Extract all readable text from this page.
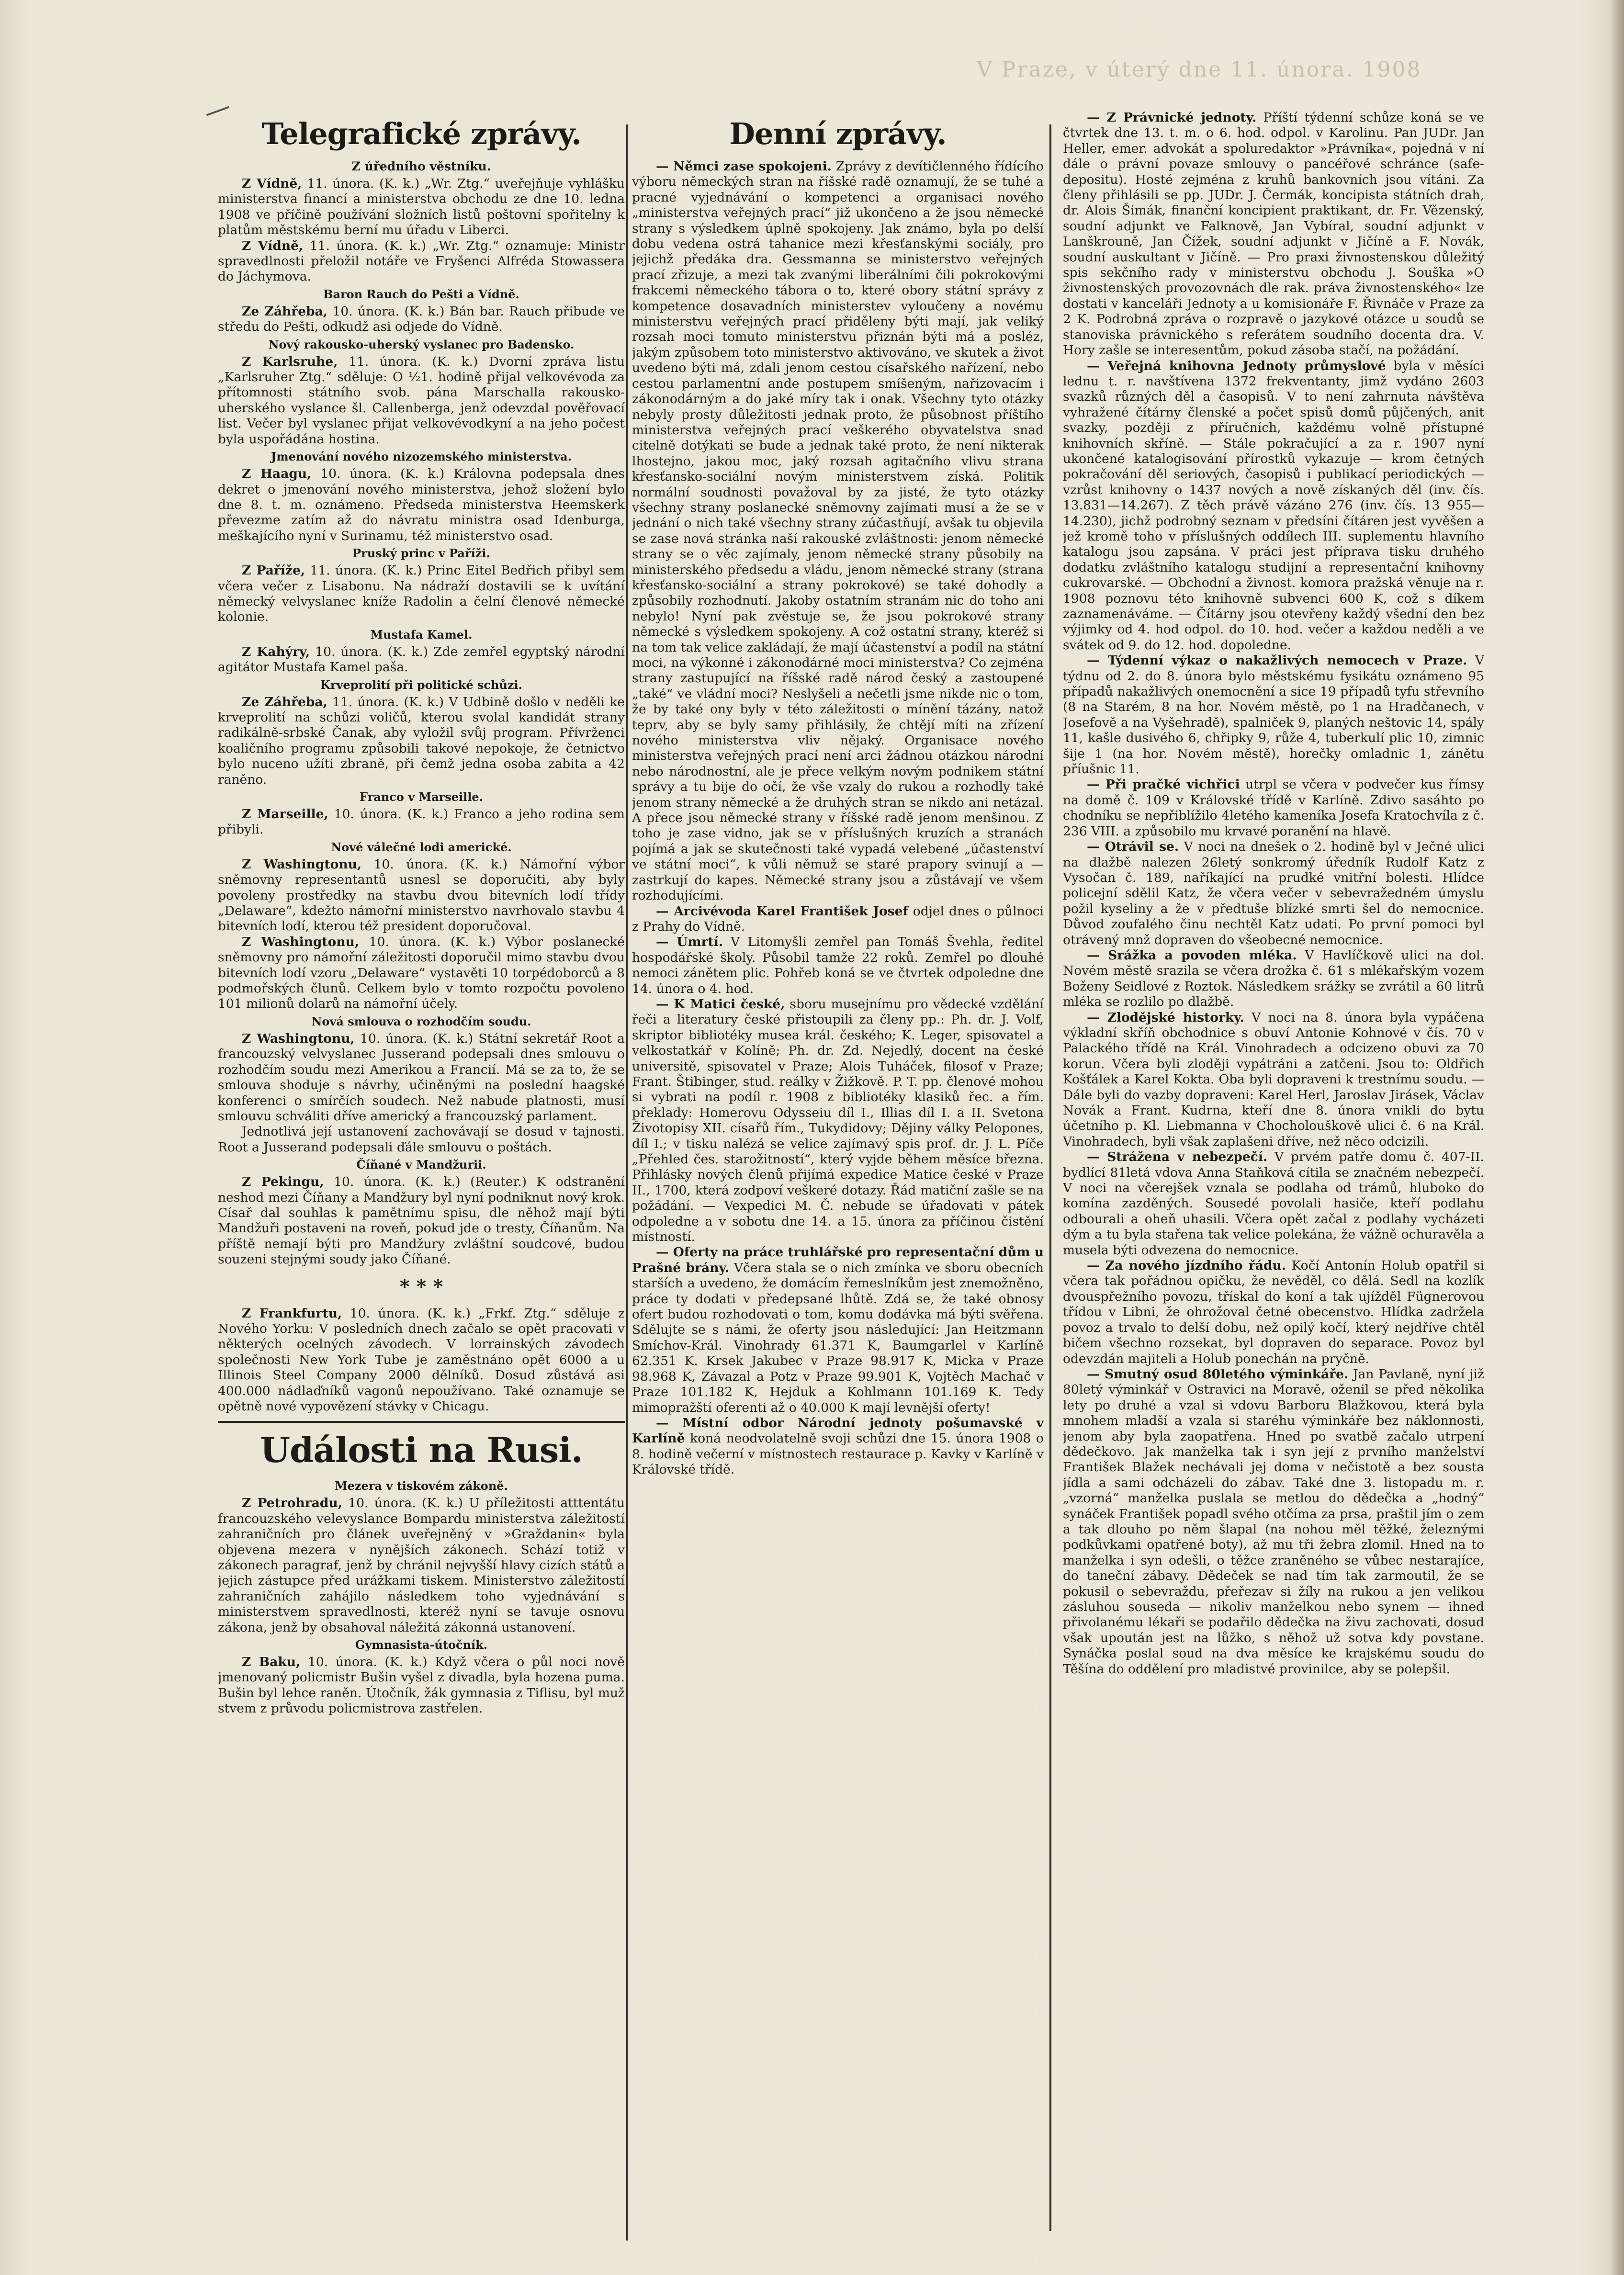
V Praze, v úterý dne 11. února. 1908
Telegrafické zprávy.
Z úředního věstníku.

Z Vídně, 11. února. (K. k.) „Wr. Ztg.“ uveřejňuje vyhlášku ministerstva financí a ministerstva obchodu ze dne 10. ledna 1908 ve příčině používání složních listů poštovní spořitelny k platům městskému berní mu úřadu v Liberci.

Z Vídně, 11. února. (K. k.) „Wr. Ztg.“ oznamuje: Ministr spravedlnosti přeložil notáře ve Fryšenci Alfréda Stowassera do Jáchymova.

Baron Rauch do Pešti a Vídně.

Ze Záhřeba, 10. února. (K. k.) Bán bar. Rauch přibude ve středu do Pešti, odkudž asi odjede do Vídně.

Nový rakousko-uherský vyslanec pro Badensko.

Z Karlsruhe, 11. února. (K. k.) Dvorní zpráva listu „Karlsruher Ztg.“ sděluje: O ½1. hodině přijal velkovévoda za přítomnosti státního svob. pána Marschalla rakousko-uherského vyslance šl. Callenberga, jenž odevzdal pověřovací list. Večer byl vyslanec přijat velkovévodkyní a na jeho počest byla uspořádána hostina.

Jmenování nového nizozemského ministerstva.

Z Haagu, 10. února. (K. k.) Královna podepsala dnes dekret o jmenování nového ministerstva, jehož složení bylo dne 8. t. m. oznámeno. Předseda ministerstva Heemskerk převezme zatím až do návratu ministra osad Idenburga, meškajícího nyní v Surinamu, též ministerstvo osad.

Pruský princ v Paříži.

Z Paříže, 11. února. (K. k.) Princ Eitel Bedřich přibyl sem včera večer z Lisabonu. Na nádraží dostavili se k uvítání německý velvyslanec kníže Radolin a čelní členové německé kolonie.

Mustafa Kamel.

Z Kahýry, 10. února. (K. k.) Zde zemřel egyptský národní agitátor Mustafa Kamel paša.

Krveprolití při politické schůzi.

Ze Záhřeba, 11. února. (K. k.) V Udbině došlo v neděli ke krveprolití na schůzi voličů, kterou svolal kandidát strany radikálně-srbské Čanak, aby vyložil svůj program. Přívrženci koaličního programu způsobili takové nepokoje, že četnictvo bylo nuceno užíti zbraně, při čemž jedna osoba zabita a 42 raněno.

Franco v Marseille.

Z Marseille, 10. února. (K. k.) Franco a jeho rodina sem přibyli.

Nové válečné lodi americké.

Z Washingtonu, 10. února. (K. k.) Námořní výbor sněmovny representantů usnesl se doporučiti, aby byly povoleny prostředky na stavbu dvou bitevních lodí třídy „Delaware“, kdežto námořní ministerstvo navrhovalo stavbu 4 bitevních lodí, kterou též president doporučoval.

Z Washingtonu, 10. února. (K. k.) Výbor poslanecké sněmovny pro námořní záležitosti doporučil mimo stavbu dvou bitevních lodí vzoru „Delaware“ vystavěti 10 torpédoborců a 8 podmořských člunů. Celkem bylo v tomto rozpočtu povoleno 101 milionů dolarů na námořní účely.

Nová smlouva o rozhodčím soudu.

Z Washingtonu, 10. února. (K. k.) Státní sekretář Root a francouzský velvyslanec Jusserand podepsali dnes smlouvu o rozhodčím soudu mezi Amerikou a Francií. Má se za to, že se smlouva shoduje s návrhy, učiněnými na poslední haagské konferenci o smírčích soudech. Než nabude platnosti, musí smlouvu schváliti dříve americký a francouzský parlament.

Jednotlivá její ustanovení zachovávají se dosud v tajnosti. Root a Jusserand podepsali ďále smlouvu o poštách.

Číňané v Mandžurii.

Z Pekingu, 10. února. (K. k.) (Reuter.) K odstranění neshod mezi Číňany a Mandžury byl nyní podniknut nový krok. Císař dal souhlas k pamětnímu spisu, dle něhož mají býti Mandžuři postaveni na roveň, pokud jde o tresty, Číňanům. Na příště nemají býti pro Mandžury zvláštní soudcové, budou souzeni stejnými soudy jako Číňané.

* * *

Z Frankfurtu, 10. února. (K. k.) „Frkf. Ztg.“ sděluje z Nového Yorku: V posledních dnech začalo se opět pracovati v některých ocelných závodech. V lorrainských závodech společnosti New York Tube je zaměstnáno opět 6000 a u Illinois Steel Company 2000 dělníků. Dosud zůstává asi 400.000 nádlaďníků vagonů nepoužívano. Také oznamuje se opětně nové vypovězení stávky v Chicagu.

Události na Rusi.
Mezera v tiskovém zákoně.

Z Petrohradu, 10. února. (K. k.) U příležitosti atttentátu francouzského velevyslance Bompardu ministerstva záležitostí zahraničních pro článek uveřejněný v »Graždanin« byla objevena mezera v nynějších zákonech. Schází totiž v zákonech paragraf, jenž by chránil nejvyšší hlavy cizích států a jejich zástupce před urážkami tiskem. Ministerstvo záležitostí zahraničních zahájilo následkem toho vyjednávání s ministerstvem spravedlnosti, kteréž nyní se tavuje osnovu zákona, jenž by obsahoval náležitá zákonná ustanovení.

Gymnasista-útočník.

Z Baku, 10. února. (K. k.) Když včera o půl noci nově jmenovaný policmistr Bušin vyšel z divadla, byla hozena puma. Bušin byl lehce raněn. Útočník, žák gymnasia z Tiflisu, byl muž stvem z průvodu policmistrova zastřelen.

Denní zprávy.

— Němci zase spokojeni. Zprávy z devítičlenného řídícího výboru německých stran na říšské radě oznamují, že se tuhé a pracné vyjednávání o kompetenci a organisaci nového „ministerstva veřejných prací“ již ukončeno a že jsou německé strany s výsledkem úplně spokojeny. Jak známo, byla po delší dobu vedena ostrá tahanice mezi křesťanskými sociály, pro jejichž předáka dra. Gessmanna se ministerstvo veřejných prací zřizuje, a mezi tak zvanými liberálními čili pokrokovými frakcemi německého tábora o to, které obory státní správy z kompetence dosavadních ministerstev vyloučeny a novému ministerstvu veřejných prací přiděleny býti mají, jak veliký rozsah moci tomuto ministerstvu přiznán býti má a posléz, jakým způsobem toto ministerstvo aktivováno, ve skutek a život uvedeno býti má, zdali jenom cestou císařského nařízení, nebo cestou parlamentní ande postupem smíšeným, nařizovacím i zákonodárným a do jaké míry tak i onak. Všechny tyto otázky nebyly prosty důležitosti jednak proto, že působnost příštího ministerstva veřejných prací veškerého obyvatelstva snad citelně dotýkati se bude a jednak také proto, že není nikterak lhostejno, jakou moc, jaký rozsah agitačního vlivu strana křesťansko-sociální novým ministerstvem získá. Politik normální soudnosti považoval by za jisté, že tyto otázky všechny strany poslanecké sněmovny zajímati musí a že se v jednání o nich také všechny strany zúčastňují, avšak tu objevila se zase nová stránka naší rakouské zvláštnosti: jenom německé strany se o věc zajímaly, jenom německé strany působily na ministerského předsedu a vládu, jenom německé strany (strana křesťansko-sociální a strany pokrokové) se také dohodly a způsobily rozhodnutí. Jakoby ostatním stranám nic do toho ani nebylo! Nyní pak zvěstuje se, že jsou pokrokové strany německé s výsledkem spokojeny. A což ostatní strany, kteréž si na tom tak velice zakládají, že mají účastenství a podíl na státní moci, na výkonné i zákonodárné moci ministerstva? Co zejména strany zastupující na říšské radě národ český a zastoupené „také“ ve vládní moci? Neslyšeli a nečetli jsme nikde nic o tom, že by také ony byly v této záležitosti o mínění tázány, natož teprv, aby se byly samy přihlásily, že chtějí míti na zřízení nového ministerstva vliv nějaký. Organisace nového ministerstva veřejných prací není arci žádnou otázkou národní nebo národnostní, ale je přece velkým novým podnikem státní správy a tu bije do očí, že vše vzaly do rukou a rozhodly také jenom strany německé a že druhých stran se nikdo ani netázal. A přece jsou německé strany v říšské radě jenom menšinou. Z toho je zase vidno, jak se v příslušných kruzích a stranách pojímá a jak se skutečnosti také vypadá velebené „účastenství ve státní moci“, k vůli němuž se staré prapory svinují a — zastrkují do kapes. Německé strany jsou a zůstávají ve všem rozhodujícími.

— Arcivévoda Karel František Josef odjel dnes o půlnoci z Prahy do Vídně.

— Úmrtí. V Litomyšli zemřel pan Tomáš Švehla, ředitel hospodářské školy. Působil tamže 22 roků. Zemřel po dlouhé nemoci zánětem plic. Pohřeb koná se ve čtvrtek odpoledne dne 14. února o 4. hod.

— K Matici české, sboru musejnímu pro vědecké vzdělání řeči a literatury české přistoupili za členy pp.: Ph. dr. J. Volf, skriptor bibliotéky musea král. českého; K. Leger, spisovatel a velkostatkář v Kolíně; Ph. dr. Zd. Nejedlý, docent na české universitě, spisovatel v Praze; Alois Tuháček, filosof v Praze; Frant. Štibinger, stud. reálky v Žižkově. P. T. pp. členové mohou si vybrati na podíl r. 1908 z bibliotéky klasiků řec. a řím. překlady: Homerovu Odysseiu díl I., Illias díl I. a II. Svetona Životopisy XII. císařů řím., Tukydidovy; Dějiny války Pelopones, díl I.; v tisku nalézá se velice zajímavý spis prof. dr. J. L. Píče „Přehled čes. starožitností“, který vyjde během měsíce března. Přihlásky nových členů přijímá expedice Matice české v Praze II., 1700, která zodpoví veškeré dotazy. Řád matiční zašle se na požádání. — Vexpedici M. Č. nebude se úřadovati v pátek odpoledne a v sobotu dne 14. a 15. února za příčinou čistění místností.

— Oferty na práce truhlářské pro representační dům u Prašné brány. Včera stala se o nich zmínka ve sboru obecních starších a uvedeno, že domácím řemeslníkům jest znemožněno, práce ty dodati v předepsané lhůtě. Zdá se, že také obnosy ofert budou rozhodovati o tom, komu dodávka má býti svěřena. Sdělujte se s námi, že oferty jsou následující: Jan Heitzmann Smíchov-Král. Vinohrady 61.371 K, Baumgarlel v Karlíně 62.351 K. Krsek Jakubec v Praze 98.917 K, Micka v Praze 98.968 K, Závazal a Potz v Praze 99.901 K, Vojtěch Machač v Praze 101.182 K, Hejduk a Kohlmann 101.169 K. Tedy mimopražští oferenti až o 40.000 K mají levnější oferty!

— Místní odbor Národní jednoty pošumavské v Karlíně koná neodvolatelně svoji schůzi dne 15. února 1908 o 8. hodině večerní v místnostech restaurace p. Kavky v Karlíně v Královské třídě.

— Z Právnické jednoty. Příští týdenní schůze koná se ve čtvrtek dne 13. t. m. o 6. hod. odpol. v Karolinu. Pan JUDr. Jan Heller, emer. advokát a spoluredaktor »Právníka«, pojedná v ní dále o právní povaze smlouvy o pancéřové schránce (safe-depositu). Hosté zejména z kruhů bankovních jsou vítáni. Za členy přihlásili se pp. JUDr. J. Čermák, koncipista státních drah, dr. Alois Šimák, finanční koncipient praktikant, dr. Fr. Vězenský, soudní adjunkt ve Falknově, Jan Vybíral, soudní adjunkt v Lanškrouně, Jan Čížek, soudní adjunkt v Jičíně a F. Novák, soudní auskultant v Jičíně. — Pro praxi živnostenskou důležitý spis sekčního rady v ministerstvu obchodu J. Souška »O živnostenských provozovnách dle rak. práva živnostenského« lze dostati v kanceláři Jednoty a u komisionáře F. Řivnáče v Praze za 2 K. Podrobná zpráva o rozpravě o jazykové otázce u soudů se stanoviska právnického s referátem soudního docenta dra. V. Hory zašle se interesentům, pokud zásoba stačí, na požádání.

— Veřejná knihovna Jednoty průmyslové byla v měsíci lednu t. r. navštívena 1372 frekventanty, jimž vydáno 2603 svazků různých děl a časopisů. V to není zahrnuta návštěva vyhražené čítárny členské a počet spisů domů půjčených, anit svazky, později z příručních, každému volně přístupné knihovních skříně. — Stále pokračující a za r. 1907 nyní ukončené katalogisování přírostků vykazuje — krom četných pokračování děl seriových, časopisů i publikací periodických — vzrůst knihovny o 1437 nových a nově získaných děl (inv. čís. 13.831—14.267). Z těch právě vázáno 276 (inv. čís. 13 955—14.230), jichž podrobný seznam v předsíni čítáren jest vyvěšen a jež kromě toho v příslušných oddílech III. suplementu hlavního katalogu jsou zapsána. V práci jest příprava tisku druhého dodatku zvláštního katalogu studijní a representační knihovny cukrovarské. — Obchodní a živnost. komora pražská věnuje na r. 1908 poznovu této knihovně subvenci 600 K, což s díkem zaznamenáváme. — Čítárny jsou otevřeny každý všední den bez výjimky od 4. hod odpol. do 10. hod. večer a každou neděli a ve svátek od 9. do 12. hod. dopoledne.

— Týdenní výkaz o nakažlivých nemocech v Praze. V týdnu od 2. do 8. února bylo městskému fysikátu oznámeno 95 případů nakažlivých onemocnění a sice 19 případů tyfu střevního (8 na Starém, 8 na hor. Novém městě, po 1 na Hradčanech, v Josefově a na Vyšehradě), spalniček 9, planých neštovic 14, spály 11, kašle dusivého 6, chřipky 9, růže 4, tuberkulí plic 10, zimnic šije 1 (na hor. Novém městě), horečky omladnic 1, zánětu příušnic 11.

— Při pračké vichřici utrpl se včera v podvečer kus římsy na domě č. 109 v Královské třídě v Karlíně. Zdivo sasáhto po chodníku se nepřiblížilo 4letého kameníka Josefa Kratochvíla z č. 236 VIII. a způsobilo mu krvavé poranění na hlavě.

— Otrávil se. V noci na dnešek o 2. hodině byl v Ječné ulici na dlažbě nalezen 26letý sonkromý úředník Rudolf Katz z Vysočan č. 189, naříkající na prudké vnitřní bolesti. Hlídce policejní sdělil Katz, že včera večer v sebevražedném úmyslu požil kyseliny a že v předtuše blízké smrti šel do nemocnice. Důvod zoufalého činu nechtěl Katz udati. Po první pomoci byl otrávený mnž dopraven do všeobecné nemocnice.

— Srážka a povoden mléka. V Havlíčkově ulici na dol. Novém městě srazila se včera drožka č. 61 s mlékařským vozem Boženy Seidlové z Roztok. Následkem srážky se zvrátil a 60 litrů mléka se rozlilo po dlažbě.

— Zlodějské historky. V noci na 8. února byla vypáčena výkladní skříň obchodnice s obuví Antonie Kohnové v čís. 70 v Palackého třídě na Král. Vinohradech a odcizeno obuvi za 70 korun. Včera byli zloději vypátráni a zatčeni. Jsou to: Oldřich Košťálek a Karel Kokta. Oba byli dopraveni k trestnímu soudu. — Dále byli do vazby dopraveni: Karel Herl, Jaroslav Jirásek, Václav Novák a Frant. Kudrna, kteří dne 8. února vnikli do bytu účetního p. Kl. Liebmanna v Chocholouškově ulici č. 6 na Král. Vinohradech, byli však zaplašeni dříve, než něco odcizili.

— Strážena v nebezpečí. V prvém patře domu č. 407-II. bydlící 81letá vdova Anna Staňková cítila se značném nebezpečí. V noci na včerejšek vznala se podlaha od trámů, hluboko do komína zazděných. Sousedé povolali hasiče, kteří podlahu odbourali a oheň uhasili. Včera opět začal z podlahy vycházeti dým a tu byla stařena tak velice polekána, že vážně ochuravěla a musela býti odvezena do nemocnice.

— Za nového jízdního řádu. Kočí Antonín Holub opatřil si včera tak pořádnou opičku, že nevěděl, co dělá. Sedl na kozlík dvouspřežního povozu, třískal do koní a tak ujížděl Fügnerovou třídou v Libni, že ohrožoval četné obecenstvo. Hlídka zadržela povoz a trvalo to delší dobu, než opilý kočí, který nejdříve chtěl bičem všechno rozsekat, byl dopraven do separace. Povoz byl odevzdán majiteli a Holub ponechán na pryčně.

— Smutný osud 80letého výminkáře. Jan Pavlaně, nyní již 80letý výminkář v Ostravici na Moravě, oženil se před několika lety po druhé a vzal si vdovu Barboru Blažkovou, která byla mnohem mladší a vzala si staréhu výminkáře bez náklonnosti, jenom aby byla zaopatřena. Hned po svatbě začalo utrpení dědečkovo. Jak manželka tak i syn její z prvního manželství František Blažek nechávali jej doma v nečistotě a bez sousta jídla a sami odcházeli do zábav. Také dne 3. listopadu m. r. „vzorná“ manželka puslala se metlou do dědečka a „hodný“ synáček František popadl svého otčíma za prsa, praštil jím o zem a tak dlouho po něm šlapal (na nohou měl těžké, železnými podkůvkami opatřené boty), až mu tři žebra zlomil. Hned na to manželka i syn odešli, o těžce zraněného se vůbec nestarajíce, do taneční zábavy. Dědeček se nad tím tak zarmoutil, že se pokusil o sebevraždu, přeřezav si žíly na rukou a jen velikou zásluhou souseda — nikoliv manželkou nebo synem — ihned přivolanému lékaři se podařilo dědečka na živu zachovati, dosud však upoután jest na lůžko, s něhož už sotva kdy povstane. Synáčka poslal soud na dva měsíce ke krajskému soudu do Těšína do oddělení pro mladistvé provinilce, aby se polepšil.
